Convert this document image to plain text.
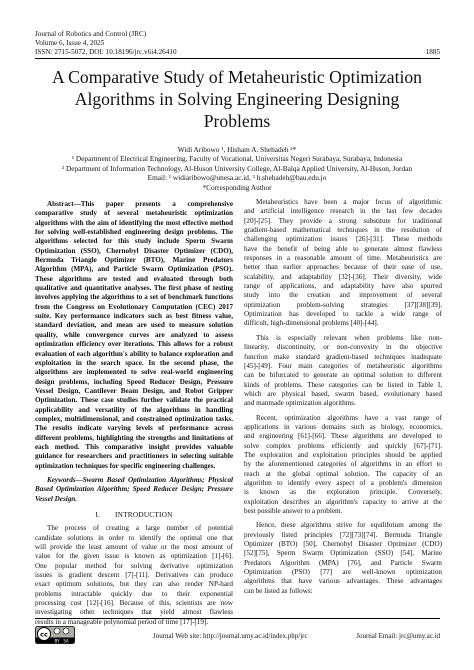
Journal of Robotics and Control (JRC)
Volume 6, Issue 4, 2025
ISSN: 2715-5072, DOI: 10.18196/jrc.v6i4.26410	1885
A Comparative Study of Metaheuristic Optimization
Algorithms in Solving Engineering Designing
Problems
Widi Aribowo ¹, Hisham A. Shehadeh ²*
¹ Department of Electrical Engineering, Faculty of Vocational, Universitas Negeri Surabaya, Surabaya, Indonesia
² Department of Information Technology, Al-Huson University College, Al-Balqa Applied University, Al-Huson, Jordan
Email: ¹ widiaribowo@unesa.ac.id, ² h.shehadeh@bau.edu.jo
*Corresponding Author
Abstract—This paper presents a comprehensive
comparative study of several metaheuristic optimization
algorithms with the aim of identifying the most effective method
for solving well-established engineering design problems. The
algorithms selected for this study include Sperm Swarm
Optimization (SSO), Chernobyl Disaster Optimizer (CDO),
Bermuda Triangle Optimizer (BTO), Marine Predators
Algorithm (MPA), and Particle Swarm Optimization (PSO).
These algorithms are tested and evaluated through both
qualitative and quantitative analyses. The first phase of testing
involves applying the algorithms to a set of benchmark functions
from the Congress on Evolutionary Computation (CEC) 2017
suite. Key performance indicators such as best fitness value,
standard deviation, and mean are used to measure solution
quality, while convergence curves are analyzed to assess
optimization efficiency over iterations. This allows for a robust
evaluation of each algorithm's ability to balance exploration and
exploitation in the search space. In the second phase, the
algorithms are implemented to solve real-world engineering
design problems, including Speed Reducer Design, Pressure
Vessel Design, Cantilever Beam Design, and Robot Gripper
Optimization. These case studies further validate the practical
applicability and versatility of the algorithms in handling
complex, multidimensional, and constrained optimization tasks.
The results indicate varying levels of performance across
different problems, highlighting the strengths and limitations of
each method. This comparative insight provides valuable
guidance for researchers and practitioners in selecting suitable
optimization techniques for specific engineering challenges.
Keywords—Swarm Based Optimization Algorithms; Physical
Based Optimization Algorithm; Speed Reducer Design; Pressure
Vessel Design.
I.  INTRODUCTION
The process of creating a large number of potential
candidate solutions in order to identify the optimal one that
will provide the least amount of value or the most amount of
value for the given issue is known as optimization [1]-[6].
One popular method for solving derivative optimization
issues is gradient descent [7]-[11]. Derivatives can produce
exact optimum solutions, but they can also render NP-hard
problems intractable quickly due to their exponential
processing cost [12]-[16]. Because of this, scientists are now
investigating other techniques that yield almost flawless
results in a manageable polynomial period of time [17]-[19].
Metaheuristics have been a major focus of algorithmic
and artificial intelligence research in the last few decades
[20]-[25]. They provide a strong substitute for traditional
gradient-based mathematical techniques in the resolution of
challenging optimization issues [26]-[31]. These methods
have the benefit of being able to generate almost flawless
responses in a reasonable amount of time. Metaheuristics are
better than earlier approaches because of their ease of use,
scalability, and adaptability [32]-[36]. Their diversity, wide
range of applications, and adaptability have also spurred
study into the creation and improvement of several
optimization problem-solving strategies [37][38][39].
Optimization has developed to tackle a wide range of
difficult, high-dimensional problems [40]-[44].
This is especially relevant when problems like non-
linearity, discontinuity, or non-convexity in the objective
function make standard gradient-based techniques inadequate
[45]-[49]. Four main categories of metaheuristic algorithms
can be bifurcated to generate an optimal solution to different
kinds of problems. These categories can be listed in Table I,
which are physical based, swarm based, evolutionary based
and manmade optimization algorithms.
Recent, optimization algorithms have a vast range of
applications in various domains such as biology, economics,
and engineering [61]-[66]. These algorithms are developed to
solve complex problems efficiently and quickly [67]-[71].
The exploration and exploitation principles should be applied
by the aforementioned categories of algorithms in an effort to
reach at the global optimal solution. The capacity of an
algorithm to identify every aspect of a problem's dimension
is known as the exploration principle. Conversely,
exploitation describes an algorithm's capacity to arrive at the
best possible answer to a problem.
Hence, these algorithms strive for equilibrium among the
previously listed principles [72][73][74]. Bermuda Triangle
Optimizer (BTO) [50], Chernobyl Disaster Optimizer (CDO)
[52][75], Sperm Swarm Optimization (SSO) [54], Marine
Predators Algorithm (MPA) [76], and Particle Swarm
Optimization (PSO) [77] are well-known optimization
algorithms that have various advantages. These advantages
can be listed as follows:
cc
BY SA
Journal Web site: http://journal.umy.ac.id/index.php/jrc	Journal Email: jrc@umy.ac.id
